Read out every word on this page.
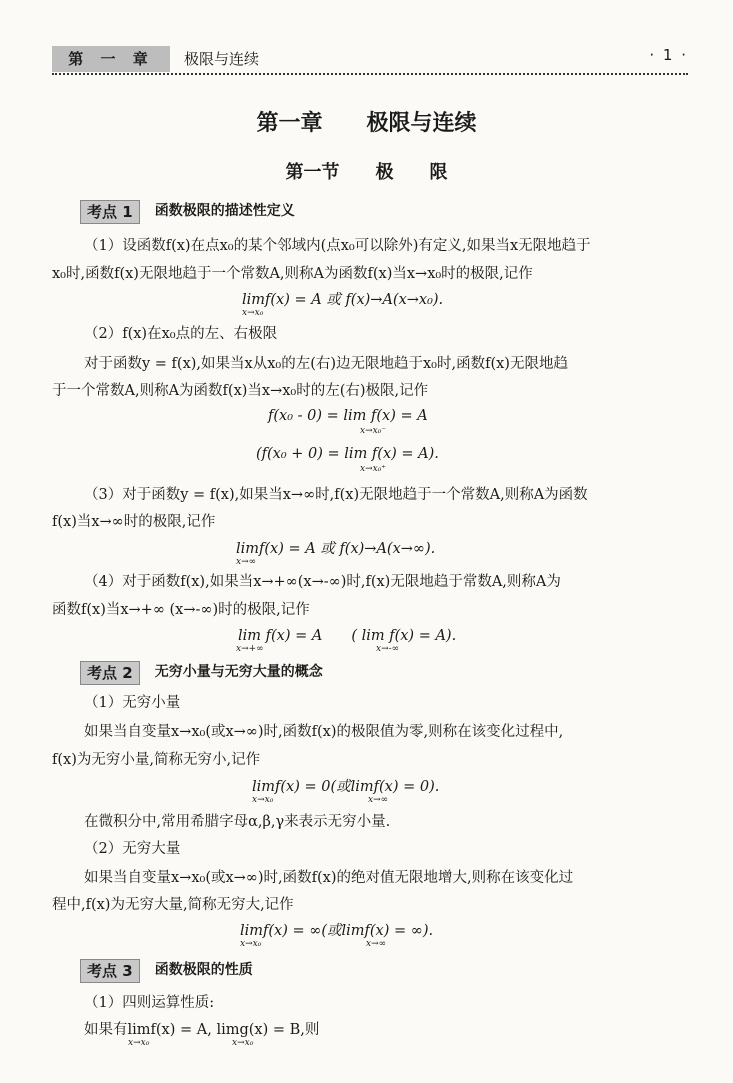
第 一 章	极限与连续	· 1 ·
第一章　　极限与连续
第一节　　极　　限
考点 1 函数极限的描述性定义
（1）设函数f(x)在点x₀的某个邻域内(点x₀可以除外)有定义,如果当x无限地趋于
x₀时,函数f(x)无限地趋于一个常数A,则称A为函数f(x)当x→x₀时的极限,记作
limf(x) = A 或 f(x)→A(x→x₀).
x→x₀
（2）f(x)在x₀点的左、右极限
对于函数y = f(x),如果当x从x₀的左(右)边无限地趋于x₀时,函数f(x)无限地趋
于一个常数A,则称A为函数f(x)当x→x₀时的左(右)极限,记作
f(x₀ - 0) = lim f(x) = A
x→x₀⁻
(f(x₀ + 0) = lim f(x) = A).
x→x₀⁺
（3）对于函数y = f(x),如果当x→∞时,f(x)无限地趋于一个常数A,则称A为函数
f(x)当x→∞时的极限,记作
limf(x) = A 或 f(x)→A(x→∞).
x→∞
（4）对于函数f(x),如果当x→+∞(x→-∞)时,f(x)无限地趋于常数A,则称A为
函数f(x)当x→+∞ (x→-∞)时的极限,记作
lim f(x) = A　　( lim f(x) = A).
x→+∞	x→-∞
考点 2 无穷小量与无穷大量的概念
（1）无穷小量
如果当自变量x→x₀(或x→∞)时,函数f(x)的极限值为零,则称在该变化过程中,
f(x)为无穷小量,简称无穷小,记作
limf(x) = 0(或limf(x) = 0).
x→x₀	x→∞
在微积分中,常用希腊字母α,β,γ来表示无穷小量.
（2）无穷大量
如果当自变量x→x₀(或x→∞)时,函数f(x)的绝对值无限地增大,则称在该变化过
程中,f(x)为无穷大量,简称无穷大,记作
limf(x) = ∞(或limf(x) = ∞).
x→x₀	x→∞
考点 3 函数极限的性质
（1）四则运算性质:
如果有limf(x) = A, limg(x) = B,则
x→x₀	x→x₀
